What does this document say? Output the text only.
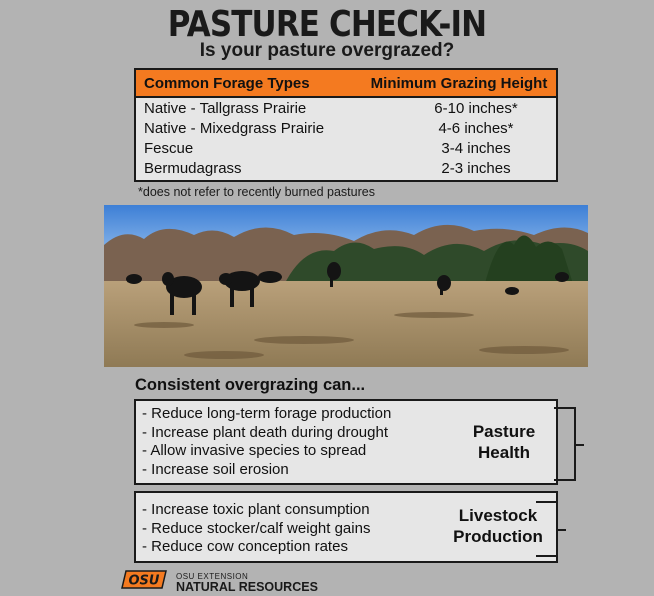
PASTURE CHECK-IN
Is your pasture overgrazed?
Common Forage Types	Minimum Grazing Height
Native - Tallgrass Prairie	6-10 inches*
Native - Mixedgrass Prairie	4-6 inches*
Fescue	3-4 inches
Bermudagrass	2-3 inches
*does not refer to recently burned pastures
Consistent overgrazing can...
- Reduce long-term forage production
- Increase plant death during drought
- Allow invasive species to spread
- Increase soil erosion
Pasture
Health
- Increase toxic plant consumption
- Reduce stocker/calf weight gains
- Reduce cow conception rates
Livestock
Production
OSU OSU EXTENSION
NATURAL RESOURCES
